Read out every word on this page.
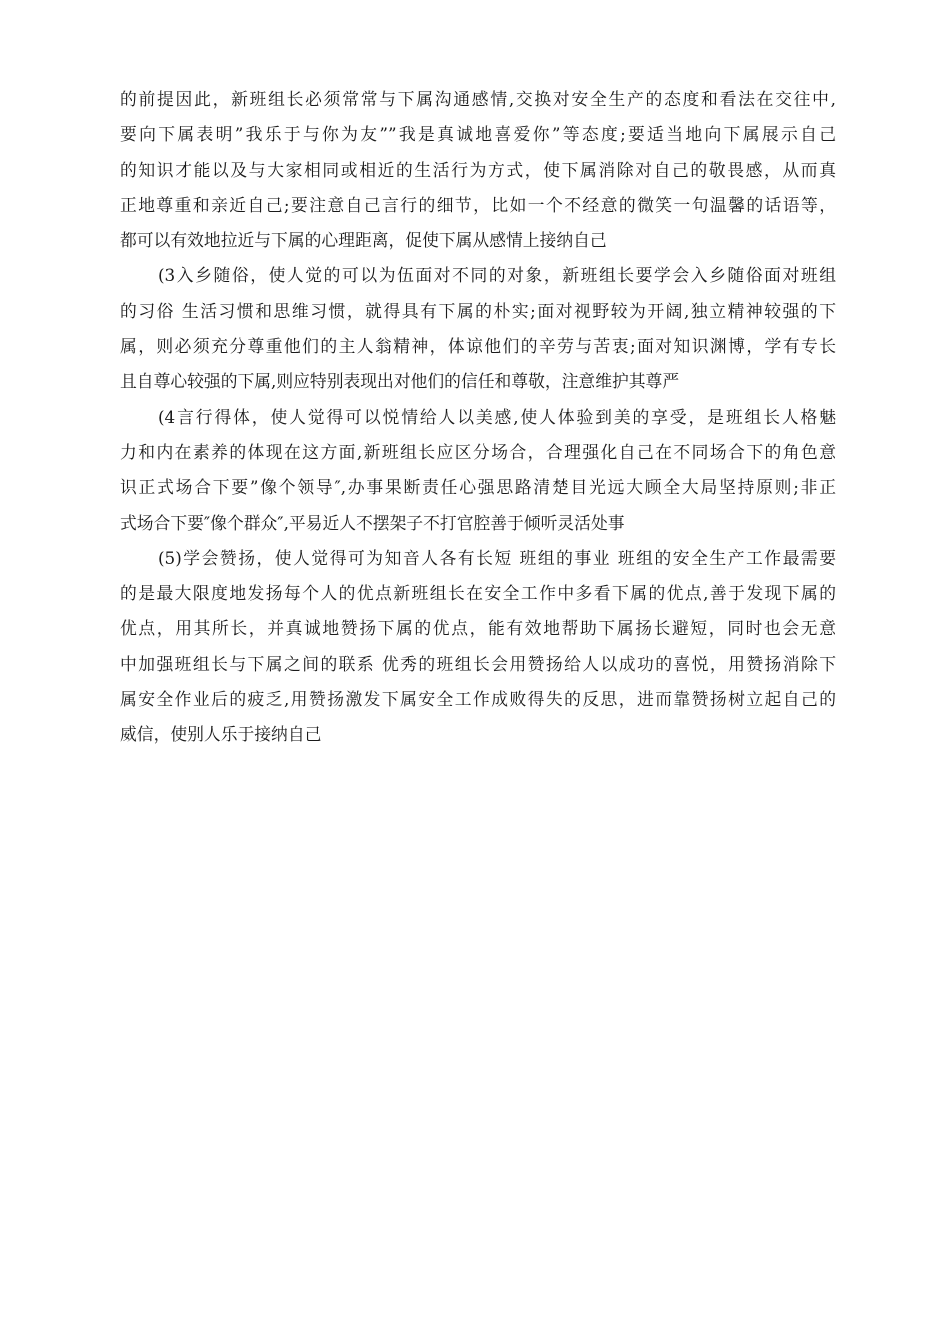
的前提因此，新班组长必须常常与下属沟通感情,交换对安全生产的态度和看法在交往中,
要向下属表明”我乐于与你为友””我是真诚地喜爱你”等态度;要适当地向下属展示自己
的知识才能以及与大家相同或相近的生活行为方式，使下属消除对自己的敬畏感，从而真
正地尊重和亲近自己;要注意自己言行的细节，比如一个不经意的微笑一句温馨的话语等，
都可以有效地拉近与下属的心理距离，促使下属从感情上接纳自己
(3入乡随俗，使人觉的可以为伍面对不同的对象，新班组长要学会入乡随俗面对班组
的习俗 生活习惯和思维习惯，就得具有下属的朴实;面对视野较为开阔,独立精神较强的下
属，则必须充分尊重他们的主人翁精神，体谅他们的辛劳与苦衷;面对知识渊博，学有专长
且自尊心较强的下属,则应特别表现出对他们的信任和尊敬，注意维护其尊严
(4言行得体，使人觉得可以悦情给人以美感,使人体验到美的享受，是班组长人格魅
力和内在素养的体现在这方面,新班组长应区分场合，合理强化自己在不同场合下的角色意
识正式场合下要”像个领导″,办事果断责任心强思路清楚目光远大顾全大局坚持原则;非正
式场合下要″像个群众″,平易近人不摆架子不打官腔善于倾听灵活处事
(5)学会赞扬，使人觉得可为知音人各有长短 班组的事业 班组的安全生产工作最需要
的是最大限度地发扬每个人的优点新班组长在安全工作中多看下属的优点,善于发现下属的
优点，用其所长，并真诚地赞扬下属的优点，能有效地帮助下属扬长避短，同时也会无意
中加强班组长与下属之间的联系 优秀的班组长会用赞扬给人以成功的喜悦，用赞扬消除下
属安全作业后的疲乏,用赞扬激发下属安全工作成败得失的反思，进而靠赞扬树立起自己的
威信，使别人乐于接纳自己
